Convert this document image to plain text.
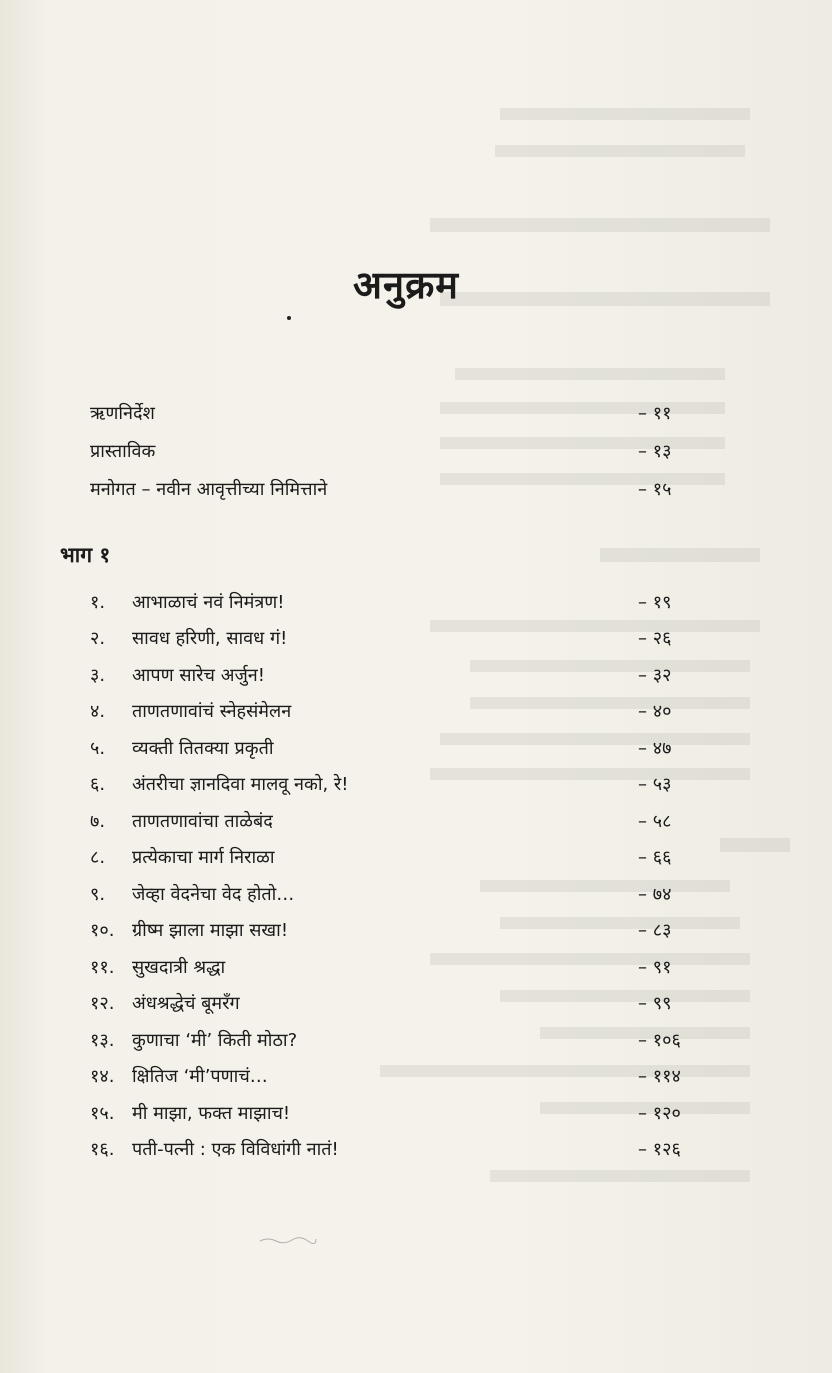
अनुक्रम
ऋणनिर्देश	– ११
प्रास्ताविक	– १३
मनोगत – नवीन आवृत्तीच्या निमित्ताने	– १५
भाग १
१. आभाळाचं नवं निमंत्रण!	– १९
२. सावध हरिणी, सावध गं!	– २६
३. आपण सारेच अर्जुन!	– ३२
४. ताणतणावांचं स्नेहसंमेलन	– ४०
५. व्यक्ती तितक्या प्रकृती	– ४७
६. अंतरीचा ज्ञानदिवा मालवू नको, रे!	– ५३
७. ताणतणावांचा ताळेबंद	– ५८
८. प्रत्येकाचा मार्ग निराळा	– ६६
९. जेव्हा वेदनेचा वेद होतो…	– ७४
१०. ग्रीष्म झाला माझा सखा!	– ८३
११. सुखदात्री श्रद्धा	– ९१
१२. अंधश्रद्धेचं बूमरँग	– ९९
१३. कुणाचा ‘मी’ किती मोठा?	– १०६
१४. क्षितिज ‘मी’पणाचं…	– ११४
१५. मी माझा, फक्त माझाच!	– १२०
१६. पती-पत्नी : एक विविधांगी नातं!	– १२६
